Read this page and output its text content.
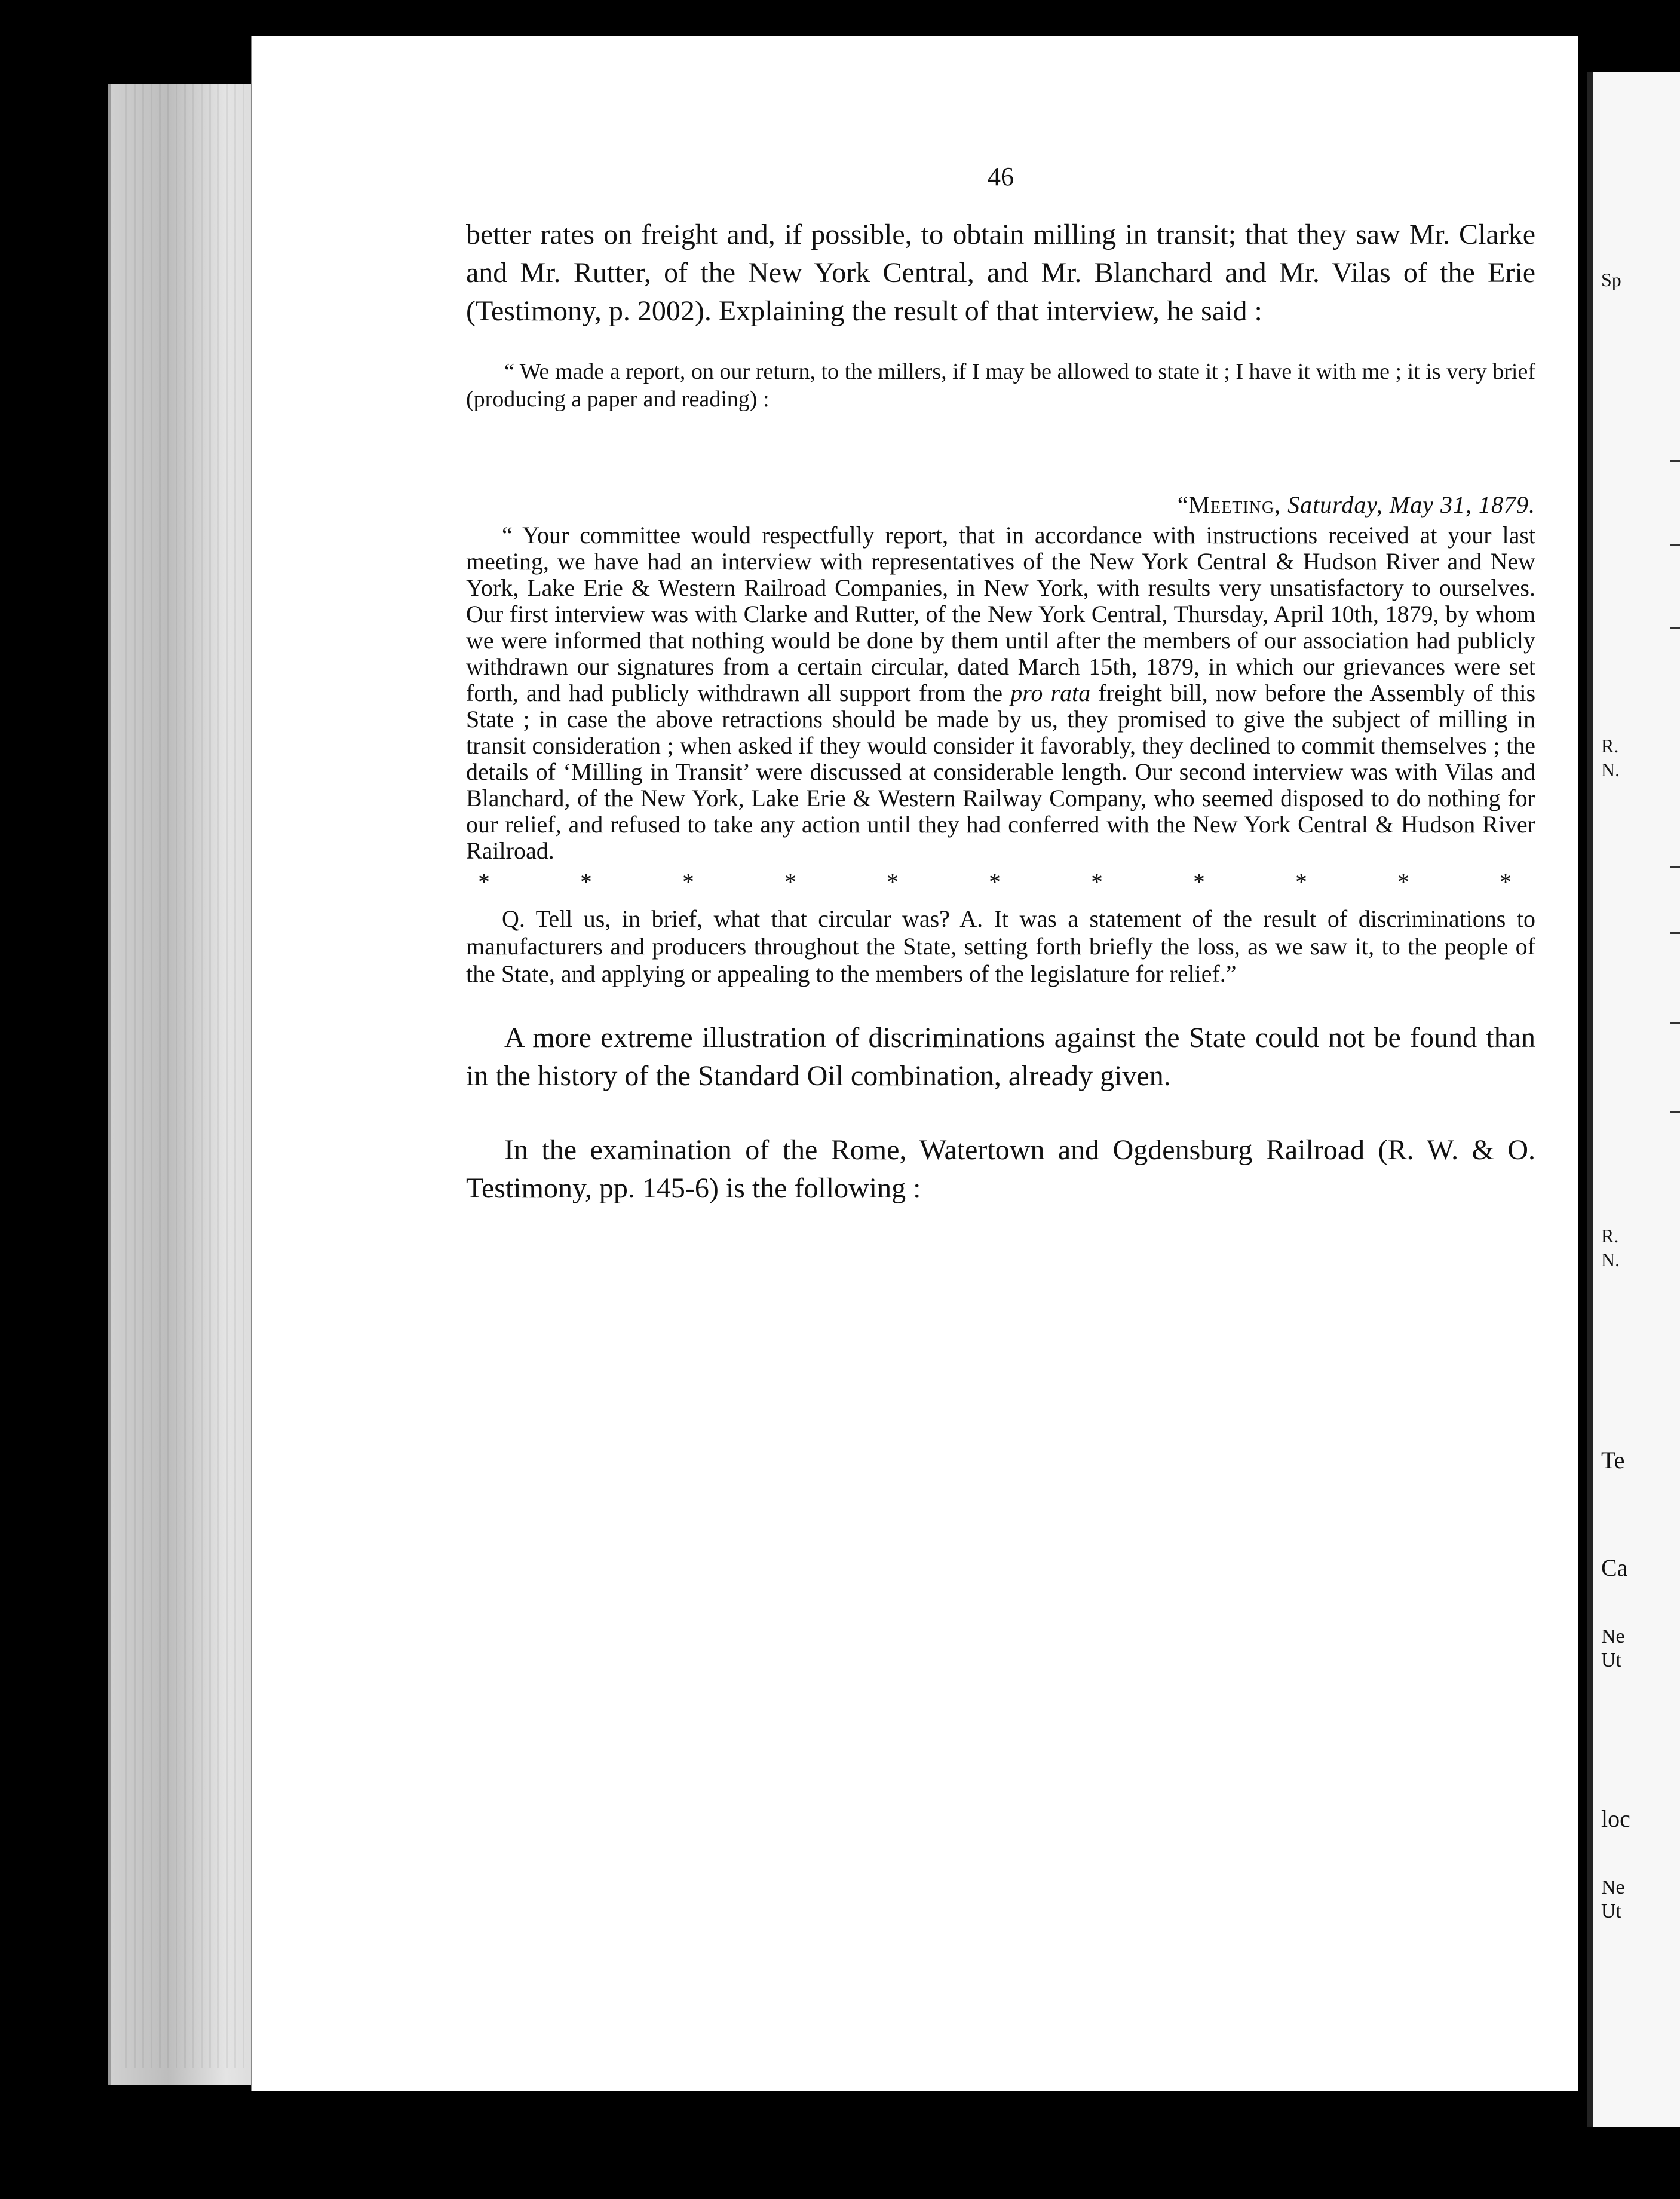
Sp
R.
N.
R.
N.
Te
Ca
Ne
Ut
loc
Ne
Ut
46

better rates on freight and, if possible, to obtain milling in transit; that they saw Mr. Clarke and Mr. Rutter, of the New York Central, and Mr. Blanchard and Mr. Vilas of the Erie (Testimony, p. 2002). Explaining the result of that interview, he said :

“ We made a report, on our return, to the millers, if I may be allowed to state it ; I have it with me ; it is very brief (producing a paper and reading) :

“Meeting, Saturday, May 31, 1879.

“ Your committee would respectfully report, that in accordance with instructions received at your last meeting, we have had an interview with representatives of the New York Central & Hudson River and New York, Lake Erie & Western Railroad Companies, in New York, with results very unsatisfactory to ourselves. Our first interview was with Clarke and Rutter, of the New York Central, Thursday, April 10th, 1879, by whom we were informed that nothing would be done by them until after the members of our association had publicly withdrawn our signatures from a certain circular, dated March 15th, 1879, in which our grievances were set forth, and had publicly withdrawn all support from the pro rata freight bill, now before the Assembly of this State ; in case the above retractions should be made by us, they promised to give the subject of milling in transit consideration ; when asked if they would consider it favorably, they declined to commit themselves ; the details of ‘Milling in Transit’ were discussed at considerable length. Our second interview was with Vilas and Blanchard, of the New York, Lake Erie & Western Railway Company, who seemed disposed to do nothing for our relief, and refused to take any action until they had conferred with the New York Central & Hudson River Railroad.

*	*	*	*	*	*	*	*	*	*	*

Q. Tell us, in brief, what that circular was? A. It was a statement of the result of discriminations to manufacturers and producers throughout the State, setting forth briefly the loss, as we saw it, to the people of the State, and applying or appealing to the members of the legislature for relief.”

A more extreme illustration of discriminations against the State could not be found than in the history of the Standard Oil combination, already given.

In the examination of the Rome, Watertown and Ogdensburg Railroad (R. W. & O. Testimony, pp. 145-6) is the following :
